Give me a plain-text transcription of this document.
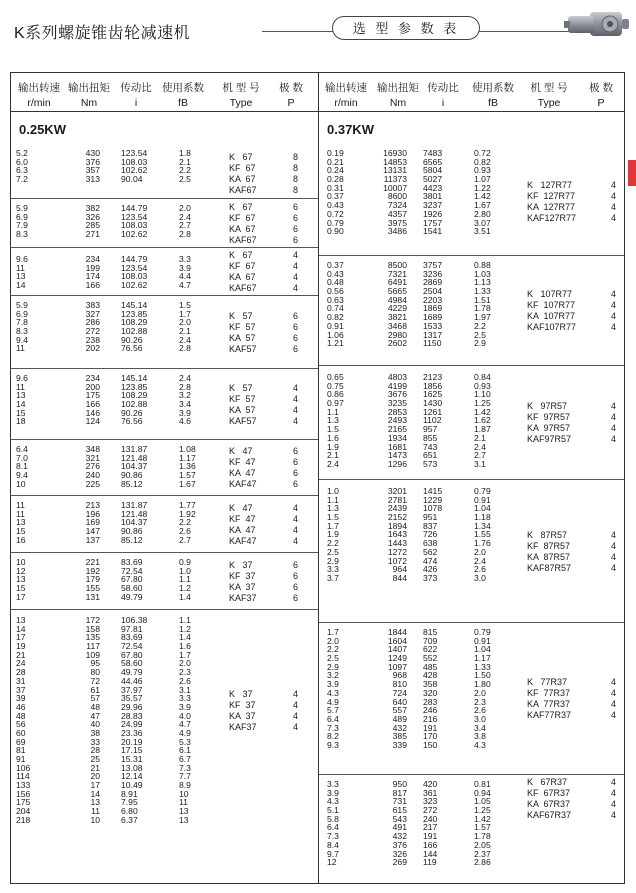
K系列螺旋锥齿轮减速机	选 型 参 数 表
输出转速
r/min
输出扭矩
Nm
传动比
i
使用系数
fB
机 型 号
Type
极 数
P
0.25KW
5.2
6.0
6.3
7.2
430
376
357
313
123.54
108.03
102.62
90.04
1.8
2.1
2.2
2.5
K   67
KF  67
KA  67
KAF67
8
8
8
8
5.9
6.9
7.9
8.3
382
326
285
271
144.79
123.54
108.03
102.62
2.0
2.4
2.7
2.8
K   67
KF  67
KA  67
KAF67
6
6
6
6
9.6
11
13
14
234
199
174
166
144.79
123.54
108.03
102.62
3.3
3.9
4.4
4.7
K   67
KF  67
KA  67
KAF67
4
4
4
4
5.9
6.9
7.8
8.3
9.4
11
383
327
286
272
238
202
145.14
123.85
108.29
102.88
90.26
76.56
1.5
1.7
2.0
2.1
2.4
2.8
K   57
KF  57
KA  57
KAF57
6
6
6
6
9.6
11
13
14
15
18
234
200
175
166
146
124
145.14
123.85
108.29
102.88
90.26
76.56
2.4
2.8
3.2
3.4
3.9
4.6
K   57
KF  57
KA  57
KAF57
4
4
4
4
6.4
7.0
8.1
9.4
10
348
321
276
240
225
131.87
121.48
104.37
90.86
85.12
1.08
1.17
1.36
1.57
1.67
K   47
KF  47
KA  47
KAF47
6
6
6
6
11
11
13
15
16
213
196
169
147
137
131.87
121.48
104.37
90.86
85.12
1.77
1.92
2.2
2.6
2.7
K   47
KF  47
KA  47
KAF47
4
4
4
4
10
12
13
15
17
221
192
179
155
131
83.69
72.54
67.80
58.60
49.79
0.9
1.0
1.1
1.2
1.4
K   37
KF  37
KA  37
KAF37
6
6
6
6
13
14
17
19
21
24
28
31
37
39
46
48
56
60
69
81
91
106
114
133
156
175
204
218
172
158
135
117
109
95
80
72
61
57
48
47
40
38
33
28
25
21
20
17
14
13
11
10
106.38
97.81
83.69
72.54
67.80
58.60
49.79
44.46
37.97
35.57
29.96
28.83
24.99
23.36
20.19
17.15
15.31
13.08
12.14
10.49
8.91
7.95
6.80
6.37
1.1
1.2
1.4
1.6
1.7
2.0
2.3
2.6
3.1
3.3
3.9
4.0
4.7
4.9
5.3
6.1
6.7
7.3
7.7
8.9
10
11
13
13
K   37
KF  37
KA  37
KAF37
4
4
4
4
输出转速
r/min
输出扭矩
Nm
传动比
i
使用系数
fB
机 型 号
Type
极 数
P
0.37KW
0.19
0.21
0.24
0.28
0.31
0.37
0.43
0.72
0.79
0.90
16930
14853
13131
11373
10007
8600
7324
4357
3975
3486
7483
6565
5804
5027
4423
3801
3237
1926
1757
1541
0.72
0.82
0.93
1.07
1.22
1.42
1.67
2.80
3.07
3.51
K   127R77
KF  127R77
KA  127R77
KAF127R77
4
4
4
4
0.37
0.43
0.48
0.56
0.63
0.74
0.82
0.91
1.06
1.21
8500
7321
6491
5665
4984
4229
3821
3468
2980
2602
3757
3236
2869
2504
2203
1869
1689
1533
1317
1150
0.88
1.03
1.13
1.33
1.51
1.78
1.97
2.2
2.5
2.9
K   107R77
KF  107R77
KA  107R77
KAF107R77
4
4
4
4
0.65
0.75
0.86
0.97
1.1
1.3
1.5
1.6
1.9
2.1
2.4
4803
4199
3676
3235
2853
2493
2165
1934
1681
1473
1296
2123
1856
1625
1430
1261
1102
957
855
743
651
573
0.84
0.93
1.10
1.25
1.42
1.62
1.87
2.1
2.4
2.7
3.1
K   97R57
KF  97R57
KA  97R57
KAF97R57
4
4
4
4
1.0
1.1
1.3
1.5
1.7
1.9
2.2
2.5
2.9
3.3
3.7
3201
2781
2439
2152
1894
1643
1443
1272
1072
964
844
1415
1229
1078
951
837
726
638
562
474
426
373
0.79
0.91
1.04
1.18
1.34
1.55
1.76
2.0
2.4
2.6
3.0
K   87R57
KF  87R57
KA  87R57
KAF87R57
4
4
4
4
1.7
2.0
2.2
2.5
2.9
3.2
3.9
4.3
4.9
5.7
6.4
7.3
8.2
9.3
1844
1604
1407
1249
1097
968
810
724
640
557
489
432
385
339
815
709
622
552
485
428
358
320
283
246
216
191
170
150
0.79
0.91
1.04
1.17
1.33
1.50
1.80
2.0
2.3
2.6
3.0
3.4
3.8
4.3
K   77R37
KF  77R37
KA  77R37
KAF77R37
4
4
4
4
3.3
3.9
4.3
5.1
5.8
6.4
7.3
8.4
9.7
12
950
817
731
615
543
491
432
376
326
269
420
361
323
272
240
217
191
166
144
119
0.81
0.94
1.05
1.25
1.42
1.57
1.78
2.05
2.37
2.86
K   67R37
KF  67R37
KA  67R37
KAF67R37
4
4
4
4
